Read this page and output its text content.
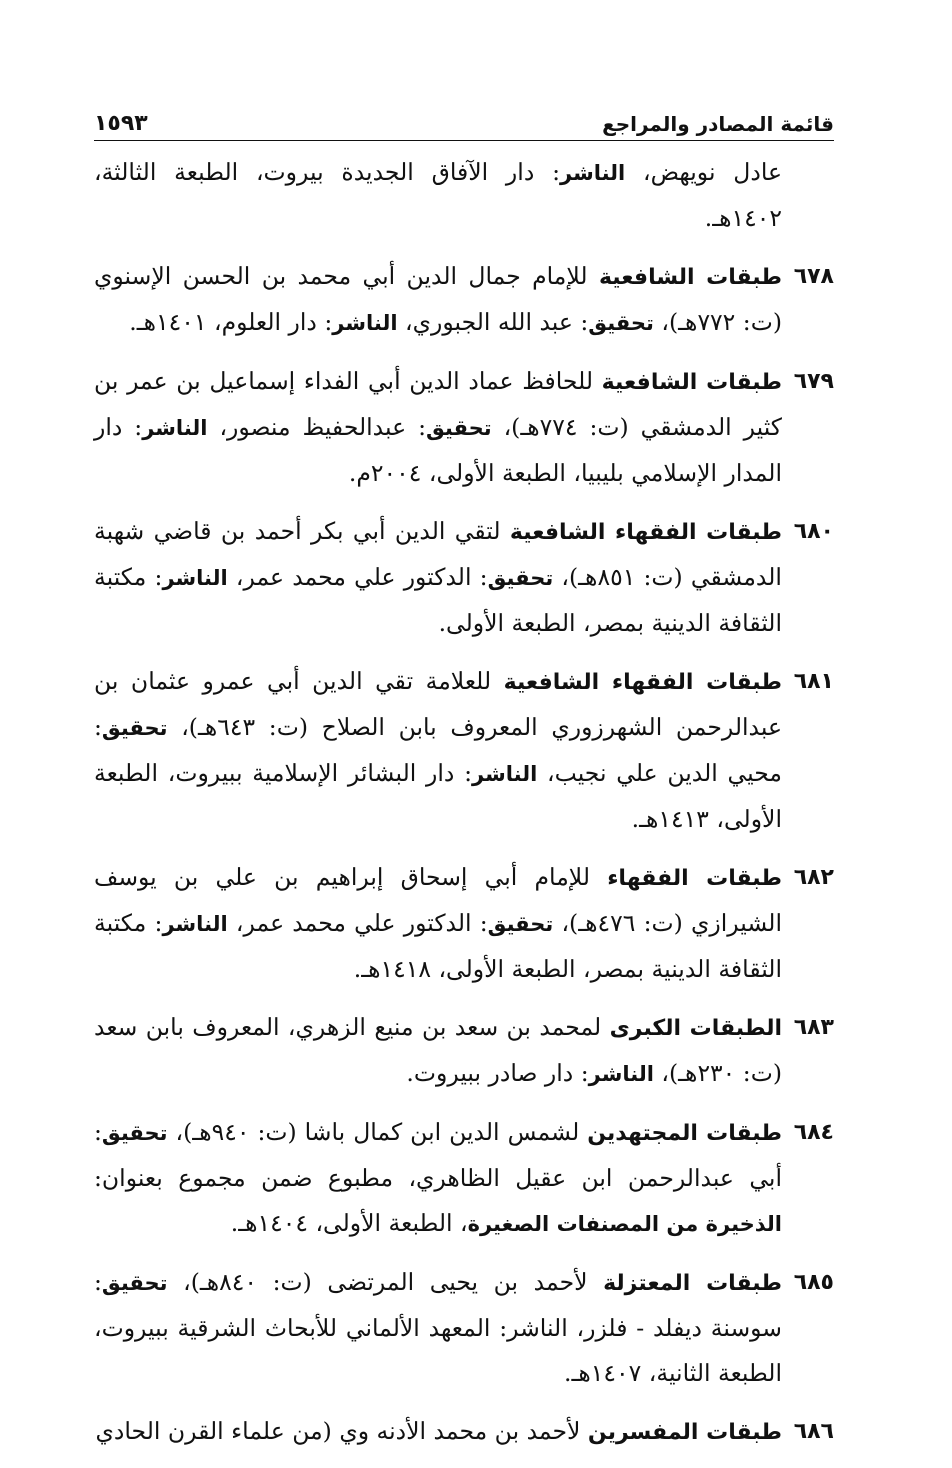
قائمة المصادر والمراجع
١٥٩٣
عادل نويهض، الناشر: دار الآفاق الجديدة بيروت، الطبعة الثالثة، ١٤٠٢هـ.
٦٧٨
طبقات الشافعية للإمام جمال الدين أبي محمد بن الحسن الإسنوي (ت: ٧٧٢هـ)، تحقيق: عبد الله الجبوري، الناشر: دار العلوم، ١٤٠١هـ.
٦٧٩
طبقات الشافعية للحافظ عماد الدين أبي الفداء إسماعيل بن عمر بن كثير الدمشقي (ت: ٧٧٤هـ)، تحقيق: عبدالحفيظ منصور، الناشر: دار المدار الإسلامي بليبيا، الطبعة الأولى، ٢٠٠٤م.
٦٨٠
طبقات الفقهاء الشافعية لتقي الدين أبي بكر أحمد بن قاضي شهبة الدمشقي (ت: ٨٥١هـ)، تحقيق: الدكتور علي محمد عمر، الناشر: مكتبة الثقافة الدينية بمصر، الطبعة الأولى.
٦٨١
طبقات الفقهاء الشافعية للعلامة تقي الدين أبي عمرو عثمان بن عبدالرحمن الشهرزوري المعروف بابن الصلاح (ت: ٦٤٣هـ)، تحقيق: محيي الدين علي نجيب، الناشر: دار البشائر الإسلامية ببيروت، الطبعة الأولى، ١٤١٣هـ.
٦٨٢
طبقات الفقهاء للإمام أبي إسحاق إبراهيم بن علي بن يوسف الشيرازي (ت: ٤٧٦هـ)، تحقيق: الدكتور علي محمد عمر، الناشر: مكتبة الثقافة الدينية بمصر، الطبعة الأولى، ١٤١٨هـ.
٦٨٣
الطبقات الكبرى لمحمد بن سعد بن منيع الزهري، المعروف بابن سعد (ت: ٢٣٠هـ)، الناشر: دار صادر ببيروت.
٦٨٤
طبقات المجتهدين لشمس الدين ابن كمال باشا (ت: ٩٤٠هـ)، تحقيق: أبي عبدالرحمن ابن عقيل الظاهري، مطبوع ضمن مجموع بعنوان: الذخيرة من المصنفات الصغيرة، الطبعة الأولى، ١٤٠٤هـ.
٦٨٥
طبقات المعتزلة لأحمد بن يحيى المرتضى (ت: ٨٤٠هـ)، تحقيق: سوسنة ديفلد - فلزر، الناشر: المعهد الألماني للأبحاث الشرقية ببيروت، الطبعة الثانية، ١٤٠٧هـ.
٦٨٦
طبقات المفسرين لأحمد بن محمد الأدنه وي (من علماء القرن الحادي
